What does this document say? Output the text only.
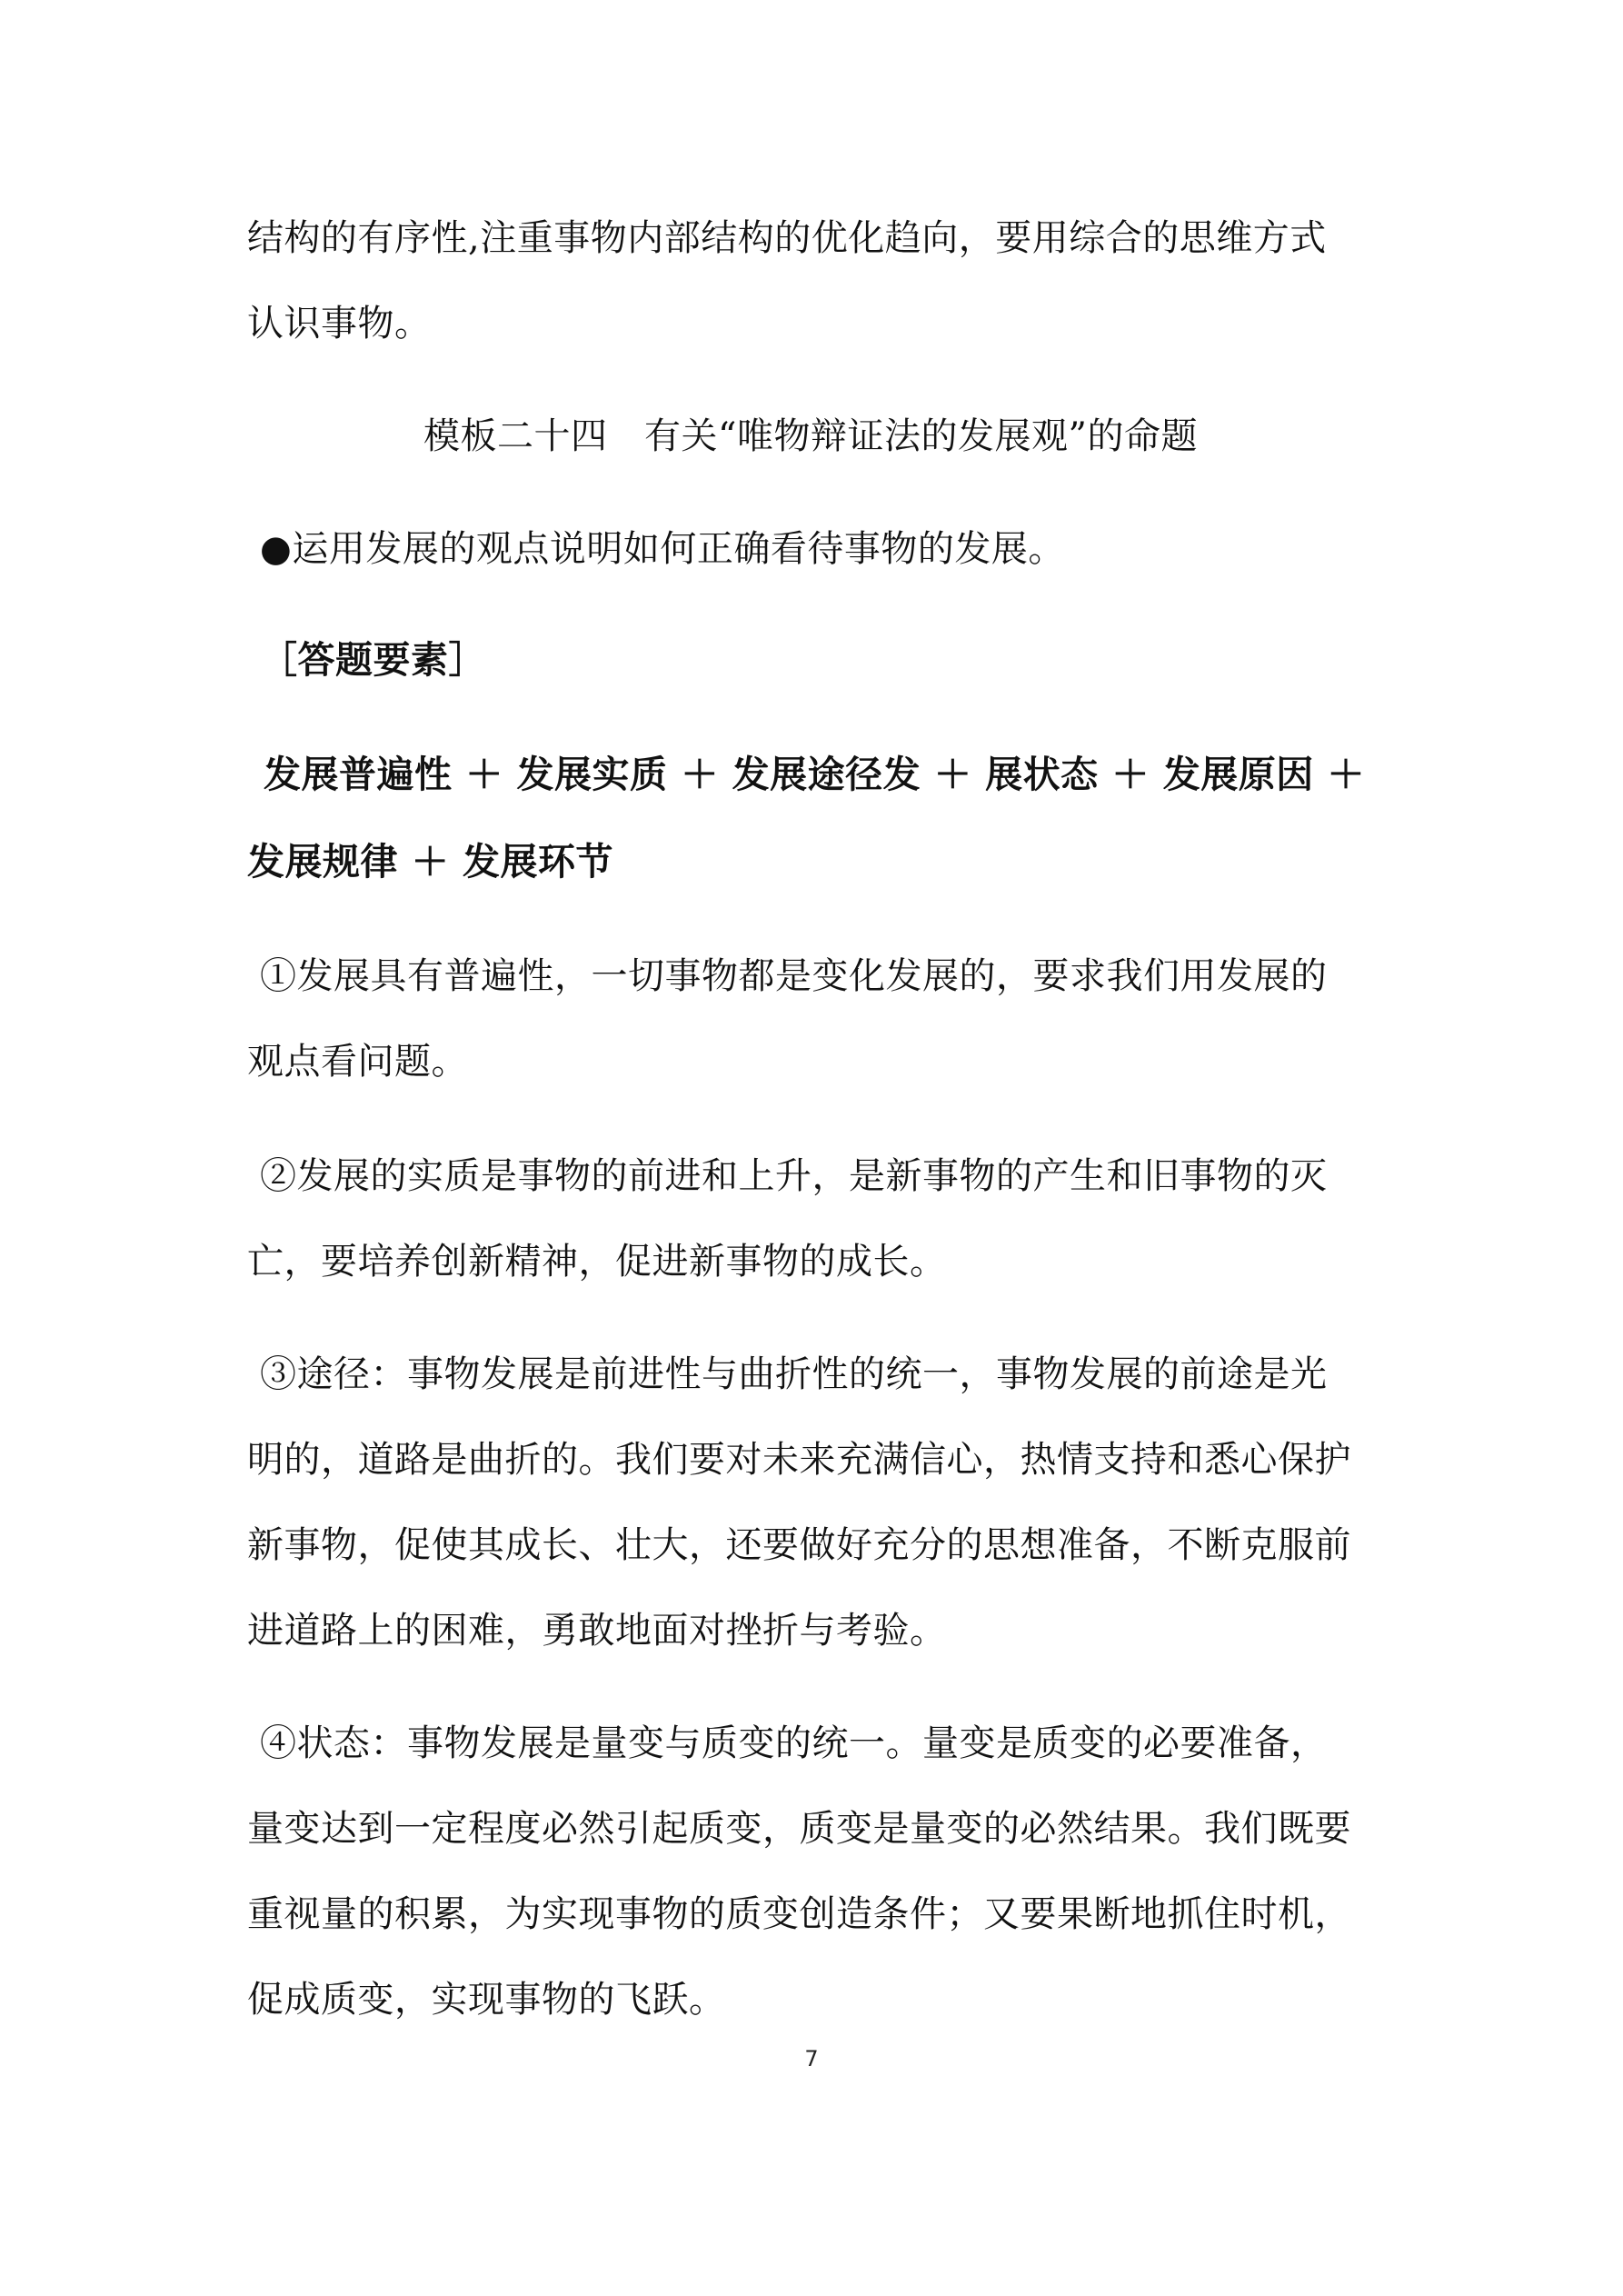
结构的有序性,注重事物内部结构的优化趋向，要用综合的思维方式
认识事物。
模板二十四　有关“唯物辩证法的发展观”的命题
●运用发展的观点说明如何正确看待事物的发展。
［答题要素］
发展普遍性 ＋ 发展实质 ＋ 发展途径发 ＋ 展状态 ＋ 发展原因 ＋
发展规律 ＋ 发展环节
①发展具有普遍性，一切事物都是变化发展的，要求我们用发展的
观点看问题。
②发展的实质是事物的前进和上升，是新事物的产生和旧事物的灭
亡，要培养创新精神，促进新事物的成长。
③途径：事物发展是前进性与曲折性的统一，事物发展的前途是光
明的，道路是曲折的。我们要对未来充满信心，热情支持和悉心保护
新事物，促使其成长、壮大，还要做好充分的思想准备，不断克服前
进道路上的困难，勇敢地面对挫折与考验。
④状态：事物发展是量变与质变的统一。量变是质变的必要准备，
量变达到一定程度必然引起质变，质变是量变的必然结果。我们既要
重视量的积累，为实现事物的质变创造条件；又要果断地抓住时机，
促成质变，实现事物的飞跃。
7
